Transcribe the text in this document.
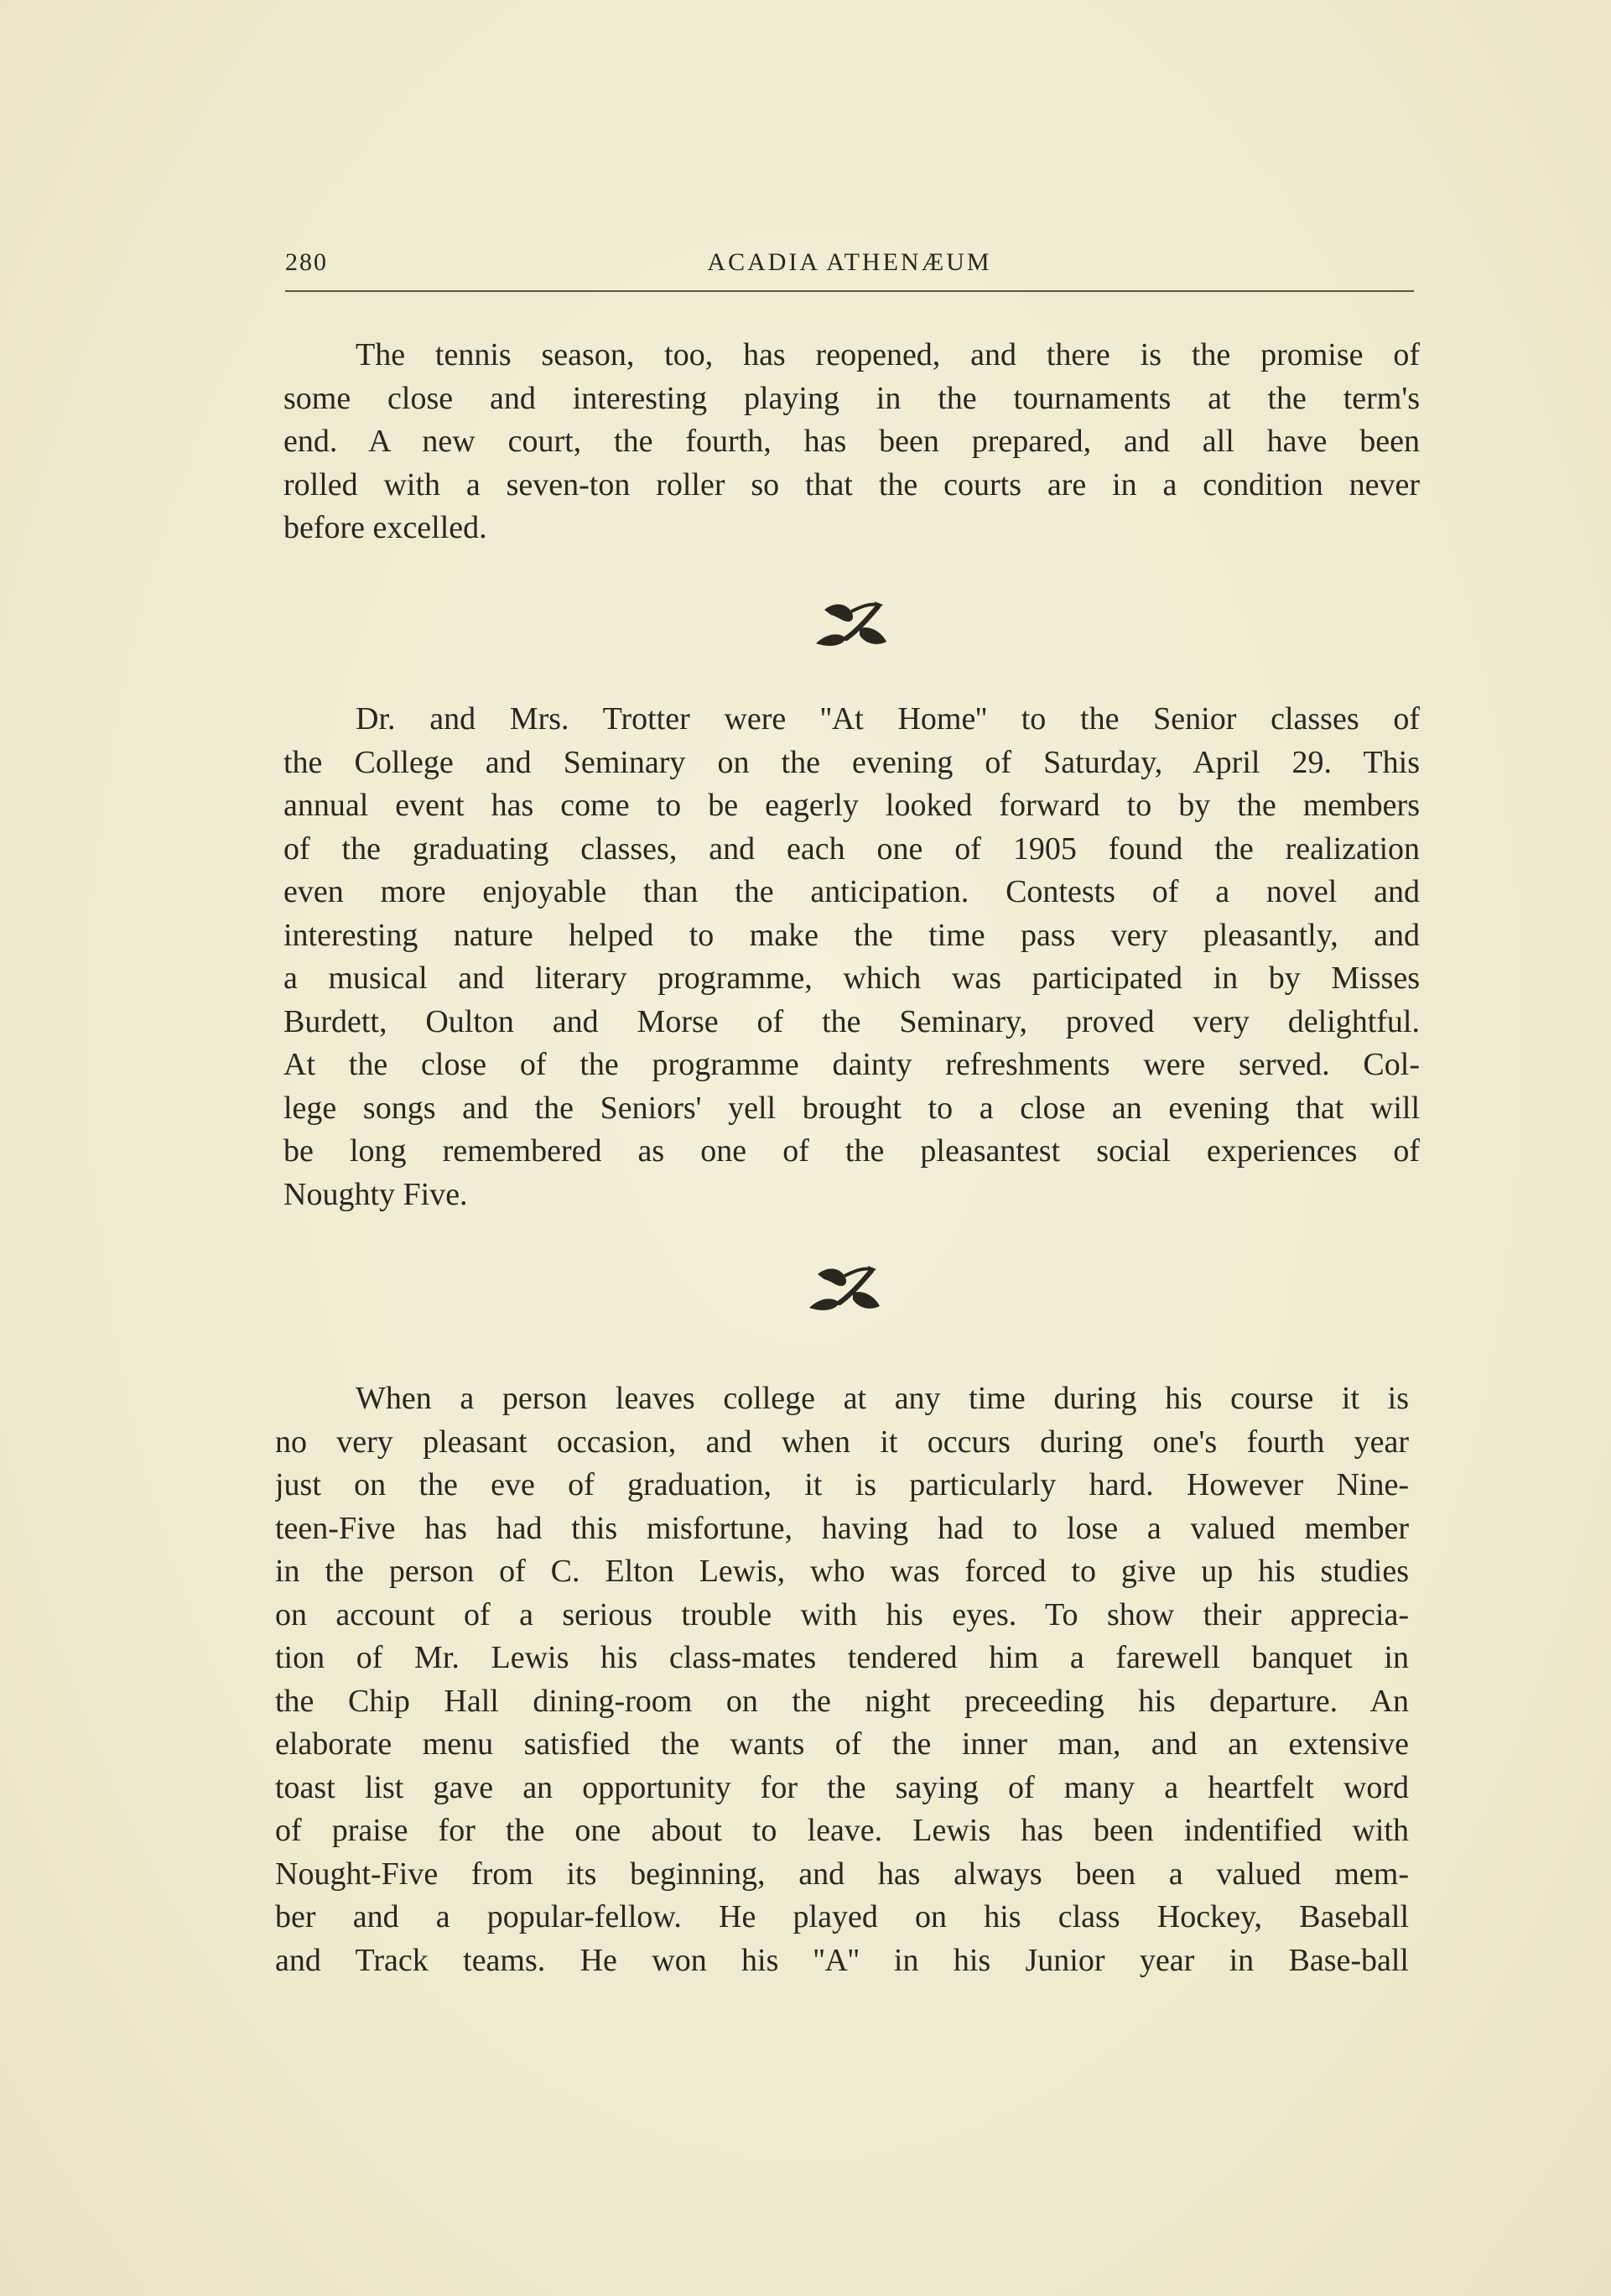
280	ACADIA ATHENÆUM
The tennis season, too, has reopened, and there is the promise of
some close and interesting playing in the tournaments at the term's
end. A new court, the fourth, has been prepared, and all have been
rolled with a seven-ton roller so that the courts are in a condition never
before excelled.
Dr. and Mrs. Trotter were ''At Home'' to the Senior classes of
the College and Seminary on the evening of Saturday, April 29. This
annual event has come to be eagerly looked forward to by the members
of the graduating classes, and each one of 1905 found the realization
even more enjoyable than the anticipation. Contests of a novel and
interesting nature helped to make the time pass very pleasantly, and
a musical and literary programme, which was participated in by Misses
Burdett, Oulton and Morse of the Seminary, proved very delightful.
At the close of the programme dainty refreshments were served. Col-
lege songs and the Seniors' yell brought to a close an evening that will
be long remembered as one of the pleasantest social experiences of
Noughty Five.
When a person leaves college at any time during his course it is
no very pleasant occasion, and when it occurs during one's fourth year
just on the eve of graduation, it is particularly hard. However Nine-
teen-Five has had this misfortune, having had to lose a valued member
in the person of C. Elton Lewis, who was forced to give up his studies
on account of a serious trouble with his eyes. To show their apprecia-
tion of Mr. Lewis his class-mates tendered him a farewell banquet in
the Chip Hall dining-room on the night preceeding his departure. An
elaborate menu satisfied the wants of the inner man, and an extensive
toast list gave an opportunity for the saying of many a heartfelt word
of praise for the one about to leave. Lewis has been indentified with
Nought-Five from its beginning, and has always been a valued mem-
ber and a popular-fellow. He played on his class Hockey, Baseball
and Track teams. He won his ''A'' in his Junior year in Base-ball
